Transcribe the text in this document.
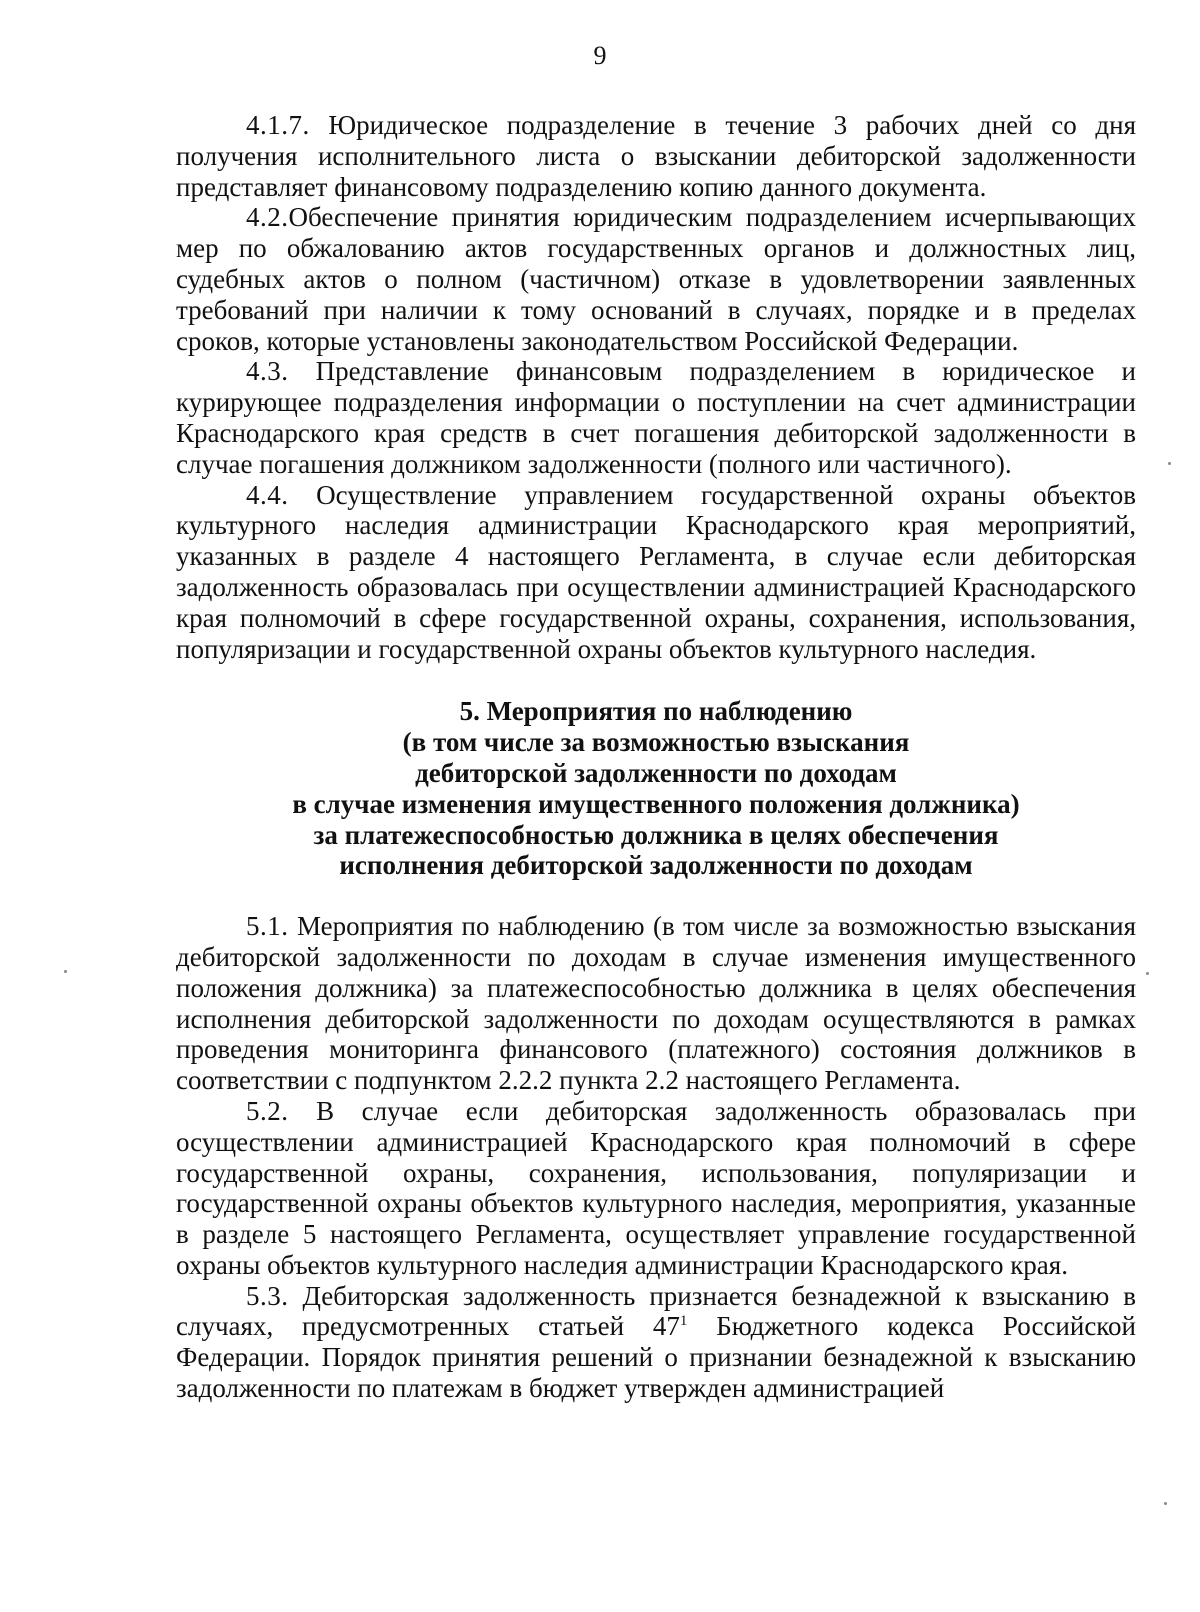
9

4.1.7. Юридическое подразделение в течение 3 рабочих дней со дня получения исполнительного листа о взыскании дебиторской задолженности представляет финансовому подразделению копию данного документа.

4.2.Обеспечение принятия юридическим подразделением исчерпывающих мер по обжалованию актов государственных органов и должностных лиц, судебных актов о полном (частичном) отказе в удовлетворении заявленных требований при наличии к тому оснований в случаях, порядке и в пределах сроков, которые установлены законодательством Российской Федерации.

4.3. Представление финансовым подразделением в юридическое и курирующее подразделения информации о поступлении на счет администрации Краснодарского края средств в счет погашения дебиторской задолженности в случае погашения должником задолженности (полного или частичного).

4.4. Осуществление управлением государственной охраны объектов культурного наследия администрации Краснодарского края мероприятий, указанных в разделе 4 настоящего Регламента, в случае если дебиторская задолженность образовалась при осуществлении администрацией Краснодарского края полномочий в сфере государственной охраны, сохранения, использования, популяризации и государственной охраны объектов культурного наследия.

5. Мероприятия по наблюдению
(в том числе за возможностью взыскания
дебиторской задолженности по доходам
в случае изменения имущественного положения должника)
за платежеспособностью должника в целях обеспечения
исполнения дебиторской задолженности по доходам

5.1. Мероприятия по наблюдению (в том числе за возможностью взыскания дебиторской задолженности по доходам в случае изменения имущественного положения должника) за платежеспособностью должника в целях обеспечения исполнения дебиторской задолженности по доходам осуществляются в рамках проведения мониторинга финансового (платежного) состояния должников в соответствии с подпунктом 2.2.2 пункта 2.2 настоящего Регламента.

5.2. В случае если дебиторская задолженность образовалась при осуществлении администрацией Краснодарского края полномочий в сфере государственной охраны, сохранения, использования, популяризации и государственной охраны объектов культурного наследия, мероприятия, указанные в разделе 5 настоящего Регламента, осуществляет управление государственной охраны объектов культурного наследия администрации Краснодарского края.

5.3. Дебиторская задолженность признается безнадежной к взысканию в случаях, предусмотренных статьей $47^1$ Бюджетного кодекса Российской Федерации. Порядок принятия решений о признании безнадежной к взысканию задолженности по платежам в бюджет утвержден администрацией
